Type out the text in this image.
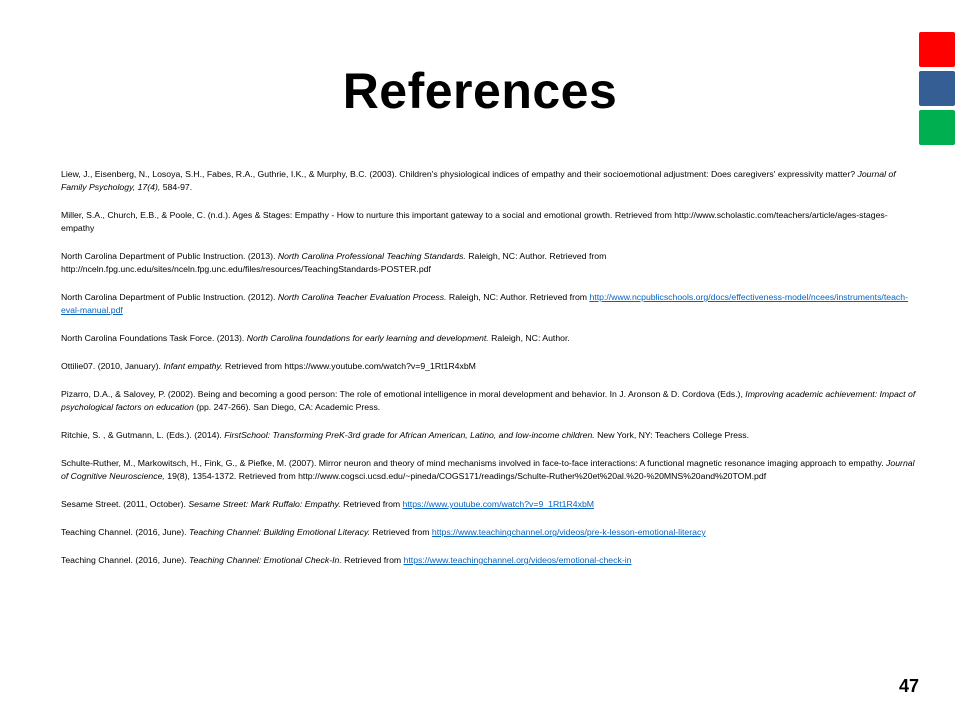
References

Liew, J., Eisenberg, N., Losoya, S.H., Fabes, R.A., Guthrie, I.K., & Murphy, B.C. (2003). Children's physiological indices of empathy and their socioemotional adjustment: Does caregivers' expressivity matter? Journal of Family Psychology, 17(4), 584-97.

Miller, S.A., Church, E.B., & Poole, C. (n.d.). Ages & Stages: Empathy - How to nurture this important gateway to a social and emotional growth. Retrieved from http://www.scholastic.com/teachers/article/ages-stages-empathy

North Carolina Department of Public Instruction. (2013). North Carolina Professional Teaching Standards. Raleigh, NC: Author. Retrieved from http://nceln.fpg.unc.edu/sites/nceln.fpg.unc.edu/files/resources/TeachingStandards-POSTER.pdf

North Carolina Department of Public Instruction. (2012). North Carolina Teacher Evaluation Process. Raleigh, NC: Author. Retrieved from http://www.ncpublicschools.org/docs/effectiveness-model/ncees/instruments/teach-eval-manual.pdf

North Carolina Foundations Task Force. (2013). North Carolina foundations for early learning and development. Raleigh, NC: Author.

Ottilie07. (2010, January). Infant empathy. Retrieved from https://www.youtube.com/watch?v=9_1Rt1R4xbM

Pizarro, D.A., & Salovey, P. (2002). Being and becoming a good person: The role of emotional intelligence in moral development and behavior. In J. Aronson & D. Cordova (Eds.), Improving academic achievement: Impact of psychological factors on education (pp. 247-266). San Diego, CA: Academic Press.

Ritchie, S. , & Gutmann, L. (Eds.). (2014). FirstSchool: Transforming PreK-3rd grade for African American, Latino, and low-income children. New York, NY: Teachers College Press.

Schulte-Ruther, M., Markowitsch, H., Fink, G., & Piefke, M. (2007). Mirror neuron and theory of mind mechanisms involved in face-to-face interactions: A functional magnetic resonance imaging approach to empathy. Journal of Cognitive Neuroscience, 19(8), 1354-1372. Retrieved from http://www.cogsci.ucsd.edu/~pineda/COGS171/readings/Schulte-Ruther%20et%20al.%20-%20MNS%20and%20TOM.pdf

Sesame Street. (2011, October). Sesame Street: Mark Ruffalo: Empathy. Retrieved from https://www.youtube.com/watch?v=9_1Rt1R4xbM

Teaching Channel. (2016, June). Teaching Channel: Building Emotional Literacy. Retrieved from https://www.teachingchannel.org/videos/pre-k-lesson-emotional-literacy

Teaching Channel. (2016, June). Teaching Channel: Emotional Check-In. Retrieved from https://www.teachingchannel.org/videos/emotional-check-in

47
